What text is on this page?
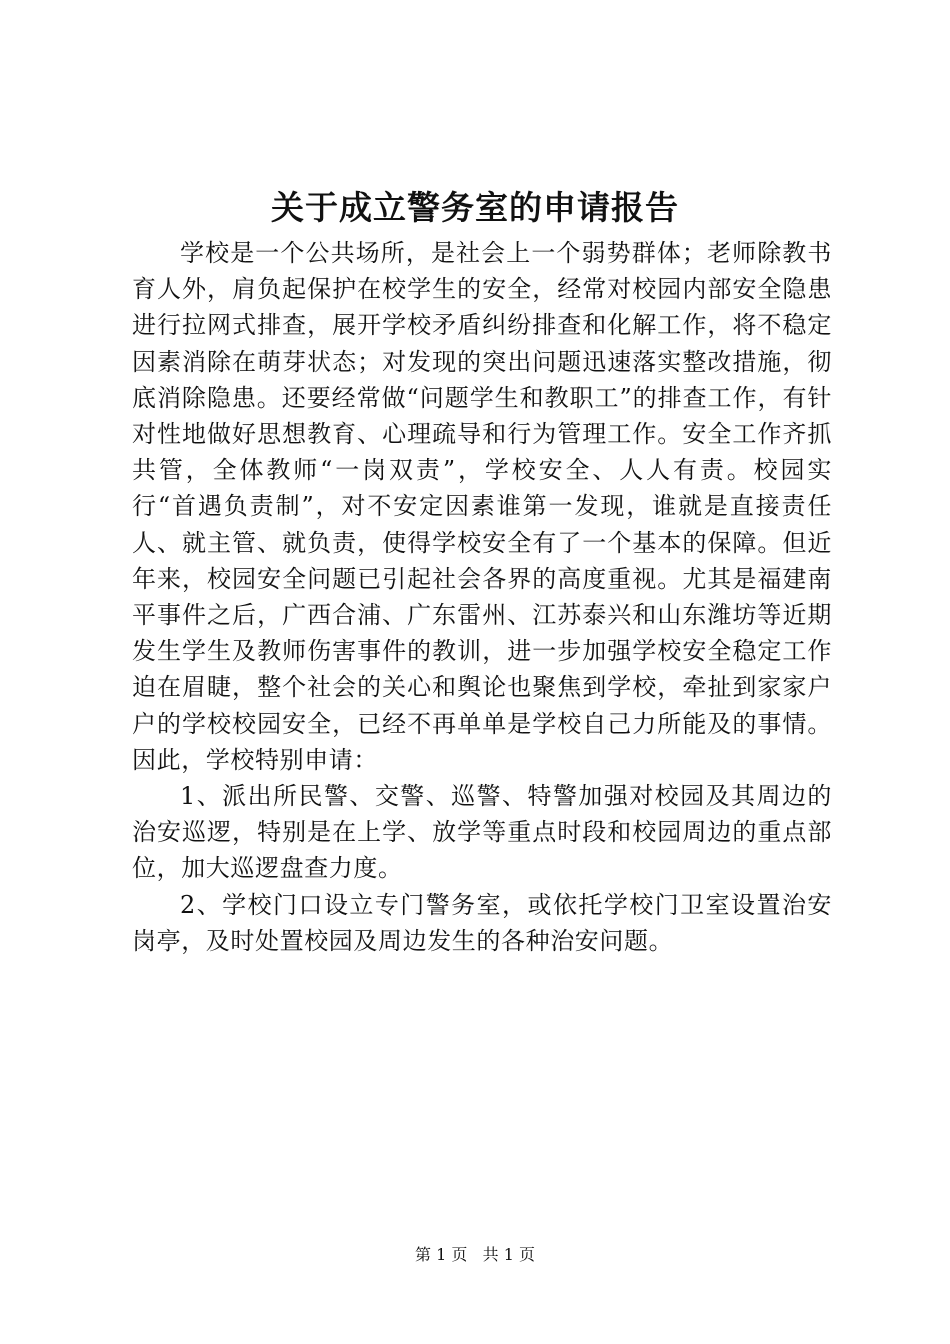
关于成立警务室的申请报告

学校是一个公共场所，是社会上一个弱势群体；老师除教书育人外，肩负起保护在校学生的安全，经常对校园内部安全隐患进行拉网式排查，展开学校矛盾纠纷排查和化解工作，将不稳定因素消除在萌芽状态；对发现的突出问题迅速落实整改措施，彻底消除隐患。还要经常做“问题学生和教职工”的排查工作，有针对性地做好思想教育、心理疏导和行为管理工作。安全工作齐抓共管，全体教师“一岗双责”，学校安全、人人有责。校园实行“首遇负责制”，对不安定因素谁第一发现，谁就是直接责任人、就主管、就负责，使得学校安全有了一个基本的保障。但近年来，校园安全问题已引起社会各界的高度重视。尤其是福建南平事件之后，广西合浦、广东雷州、江苏泰兴和山东潍坊等近期发生学生及教师伤害事件的教训，进一步加强学校安全稳定工作迫在眉睫，整个社会的关心和舆论也聚焦到学校，牵扯到家家户户的学校校园安全，已经不再单单是学校自己力所能及的事情。因此，学校特别申请：

1、派出所民警、交警、巡警、特警加强对校园及其周边的治安巡逻，特别是在上学、放学等重点时段和校园周边的重点部位，加大巡逻盘查力度。

2、学校门口设立专门警务室，或依托学校门卫室设置治安岗亭，及时处置校园及周边发生的各种治安问题。

第 1 页   共 1 页
